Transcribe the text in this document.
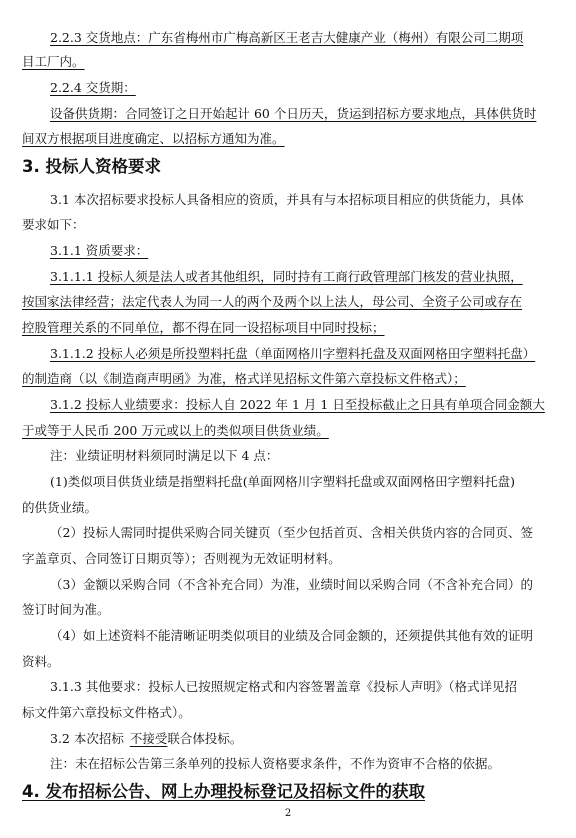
2.2.3 交货地点：广东省梅州市广梅高新区王老吉大健康产业（梅州）有限公司二期项
目工厂内。
2.2.4 交货期：
设备供货期：合同签订之日开始起计 60 个日历天，货运到招标方要求地点，具体供货时
间双方根据项目进度确定、以招标方通知为准。
3. 投标人资格要求
3.1 本次招标要求投标人具备相应的资质，并具有与本招标项目相应的供货能力，具体
要求如下：
3.1.1 资质要求：
3.1.1.1 投标人须是法人或者其他组织，同时持有工商行政管理部门核发的营业执照，
按国家法律经营；法定代表人为同一人的两个及两个以上法人，母公司、全资子公司或存在
控股管理关系的不同单位，都不得在同一设招标项目中同时投标；
3.1.1.2 投标人必须是所投塑料托盘（单面网格川字塑料托盘及双面网格田字塑料托盘）
的制造商（以《制造商声明函》为准，格式详见招标文件第六章投标文件格式）；
3.1.2 投标人业绩要求：投标人自 2022 年 1 月 1 日至投标截止之日具有单项合同金额大
于或等于人民币 200 万元或以上的类似项目供货业绩。
注：业绩证明材料须同时满足以下 4 点：
(1)类似项目供货业绩是指塑料托盘(单面网格川字塑料托盘或双面网格田字塑料托盘)
的供货业绩。
（2）投标人需同时提供采购合同关键页（至少包括首页、含相关供货内容的合同页、签
字盖章页、合同签订日期页等）；否则视为无效证明材料。
（3）金额以采购合同（不含补充合同）为准，业绩时间以采购合同（不含补充合同）的
签订时间为准。
（4）如上述资料不能清晰证明类似项目的业绩及合同金额的，还须提供其他有效的证明
资料。
3.1.3 其他要求：投标人已按照规定格式和内容签署盖章《投标人声明》（格式详见招
标文件第六章投标文件格式）。
3.2 本次招标 不接受联合体投标。
注：未在招标公告第三条单列的投标人资格要求条件，不作为资审不合格的依据。
4. 发布招标公告、网上办理投标登记及招标文件的获取
2
